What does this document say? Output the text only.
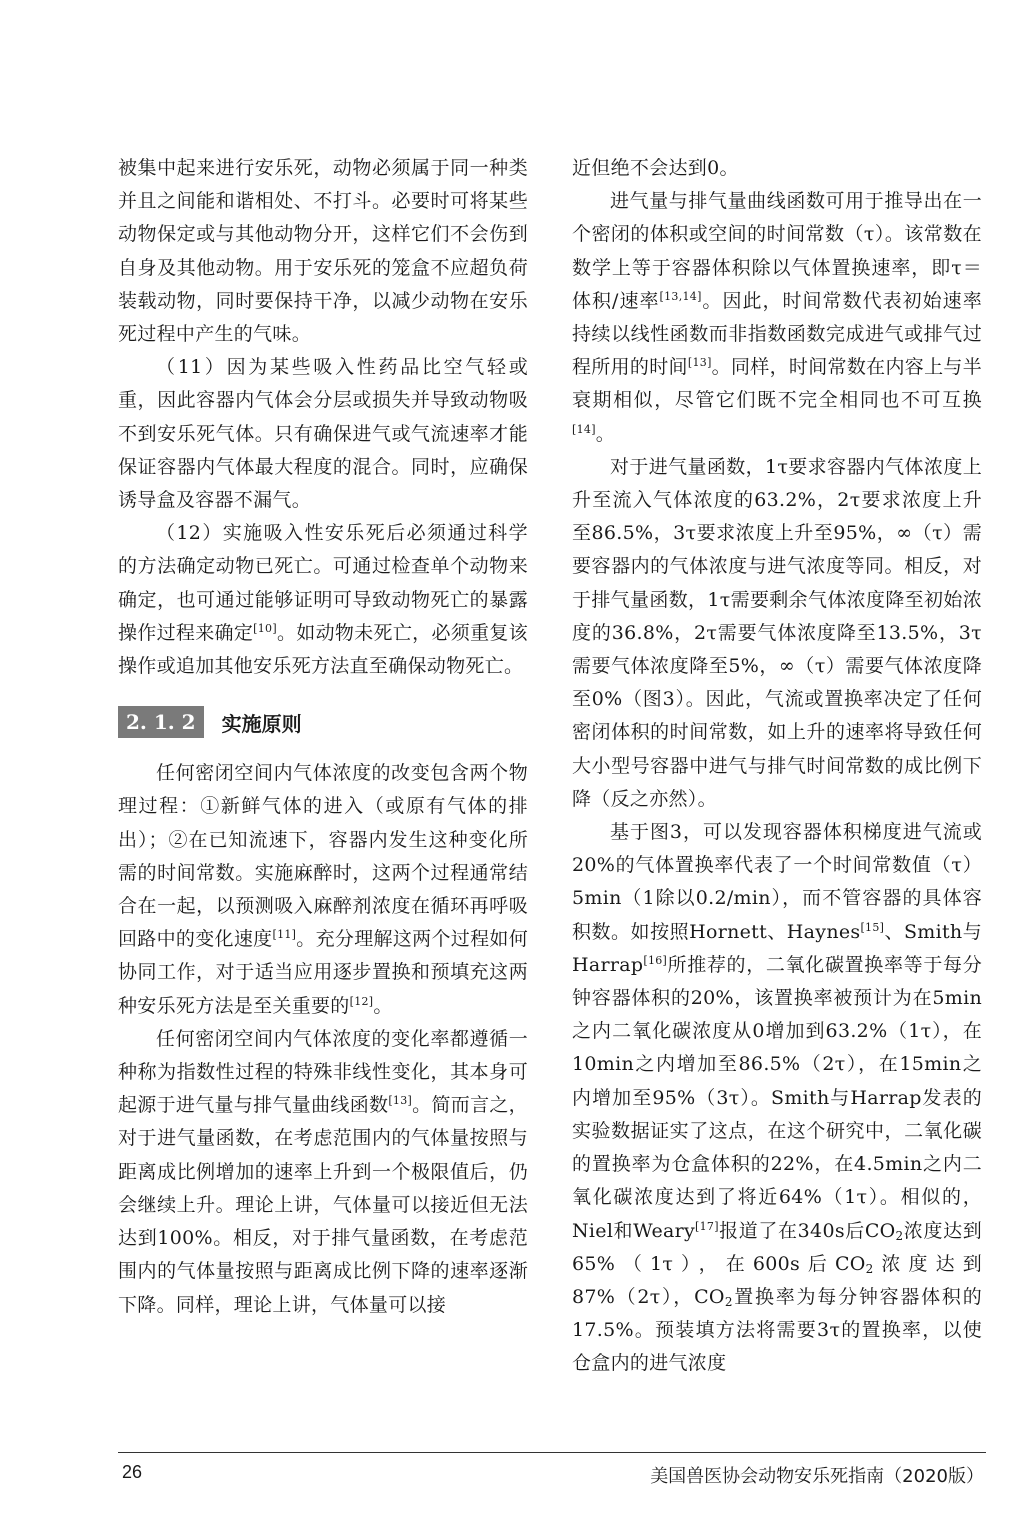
被集中起来进行安乐死，动物必须属于同一种类并且之间能和谐相处、不打斗。必要时可将某些动物保定或与其他动物分开，这样它们不会伤到自身及其他动物。用于安乐死的笼盒不应超负荷装载动物，同时要保持干净，以减少动物在安乐死过程中产生的气味。

（11）因为某些吸入性药品比空气轻或重，因此容器内气体会分层或损失并导致动物吸不到安乐死气体。只有确保进气或气流速率才能保证容器内气体最大程度的混合。同时，应确保诱导盒及容器不漏气。

（12）实施吸入性安乐死后必须通过科学的方法确定动物已死亡。可通过检查单个动物来确定，也可通过能够证明可导致动物死亡的暴露操作过程来确定[10]。如动物未死亡，必须重复该操作或追加其他安乐死方法直至确保动物死亡。

2. 1. 2	实施原则

任何密闭空间内气体浓度的改变包含两个物理过程：①新鲜气体的进入（或原有气体的排出）；②在已知流速下，容器内发生这种变化所需的时间常数。实施麻醉时，这两个过程通常结合在一起，以预测吸入麻醉剂浓度在循环再呼吸回路中的变化速度[11]。充分理解这两个过程如何协同工作，对于适当应用逐步置换和预填充这两种安乐死方法是至关重要的[12]。

任何密闭空间内气体浓度的变化率都遵循一种称为指数性过程的特殊非线性变化，其本身可起源于进气量与排气量曲线函数[13]。简而言之，对于进气量函数，在考虑范围内的气体量按照与距离成比例增加的速率上升到一个极限值后，仍会继续上升。理论上讲，气体量可以接近但无法达到100%。相反，对于排气量函数，在考虑范围内的气体量按照与距离成比例下降的速率逐渐下降。同样，理论上讲，气体量可以接

近但绝不会达到0。

进气量与排气量曲线函数可用于推导出在一个密闭的体积或空间的时间常数（τ）。该常数在数学上等于容器体积除以气体置换速率，即τ＝体积/速率[13,14]。因此，时间常数代表初始速率持续以线性函数而非指数函数完成进气或排气过程所用的时间[13]。同样，时间常数在内容上与半衰期相似，尽管它们既不完全相同也不可互换[14]。

对于进气量函数，1τ要求容器内气体浓度上升至流入气体浓度的63.2%，2τ要求浓度上升至86.5%，3τ要求浓度上升至95%，∞（τ）需要容器内的气体浓度与进气浓度等同。相反，对于排气量函数，1τ需要剩余气体浓度降至初始浓度的36.8%，2τ需要气体浓度降至13.5%，3τ需要气体浓度降至5%，∞（τ）需要气体浓度降至0%（图3）。因此，气流或置换率决定了任何密闭体积的时间常数，如上升的速率将导致任何大小型号容器中进气与排气时间常数的成比例下降（反之亦然）。

基于图3，可以发现容器体积梯度进气流或20%的气体置换率代表了一个时间常数值（τ）5min（1除以0.2/min），而不管容器的具体容积数。如按照Hornett、Haynes[15]、Smith与Harrap[16]所推荐的，二氧化碳置换率等于每分钟容器体积的20%，该置换率被预计为在5min之内二氧化碳浓度从0增加到63.2%（1τ），在10min之内增加至86.5%（2τ），在15min之内增加至95%（3τ）。Smith与Harrap发表的实验数据证实了这点，在这个研究中，二氧化碳的置换率为仓盒体积的22%，在4.5min之内二氧化碳浓度达到了将近64%（1τ）。相似的，Niel和Weary[17]报道了在340s后$CO_2$浓度达到65%（1τ），在600s后$CO_2$浓度达到87%（2τ），$CO_2$置换率为每分钟容器体积的17.5%。预装填方法将需要3τ的置换率，以使仓盒内的进气浓度

26	美国兽医协会动物安乐死指南（2020版）
